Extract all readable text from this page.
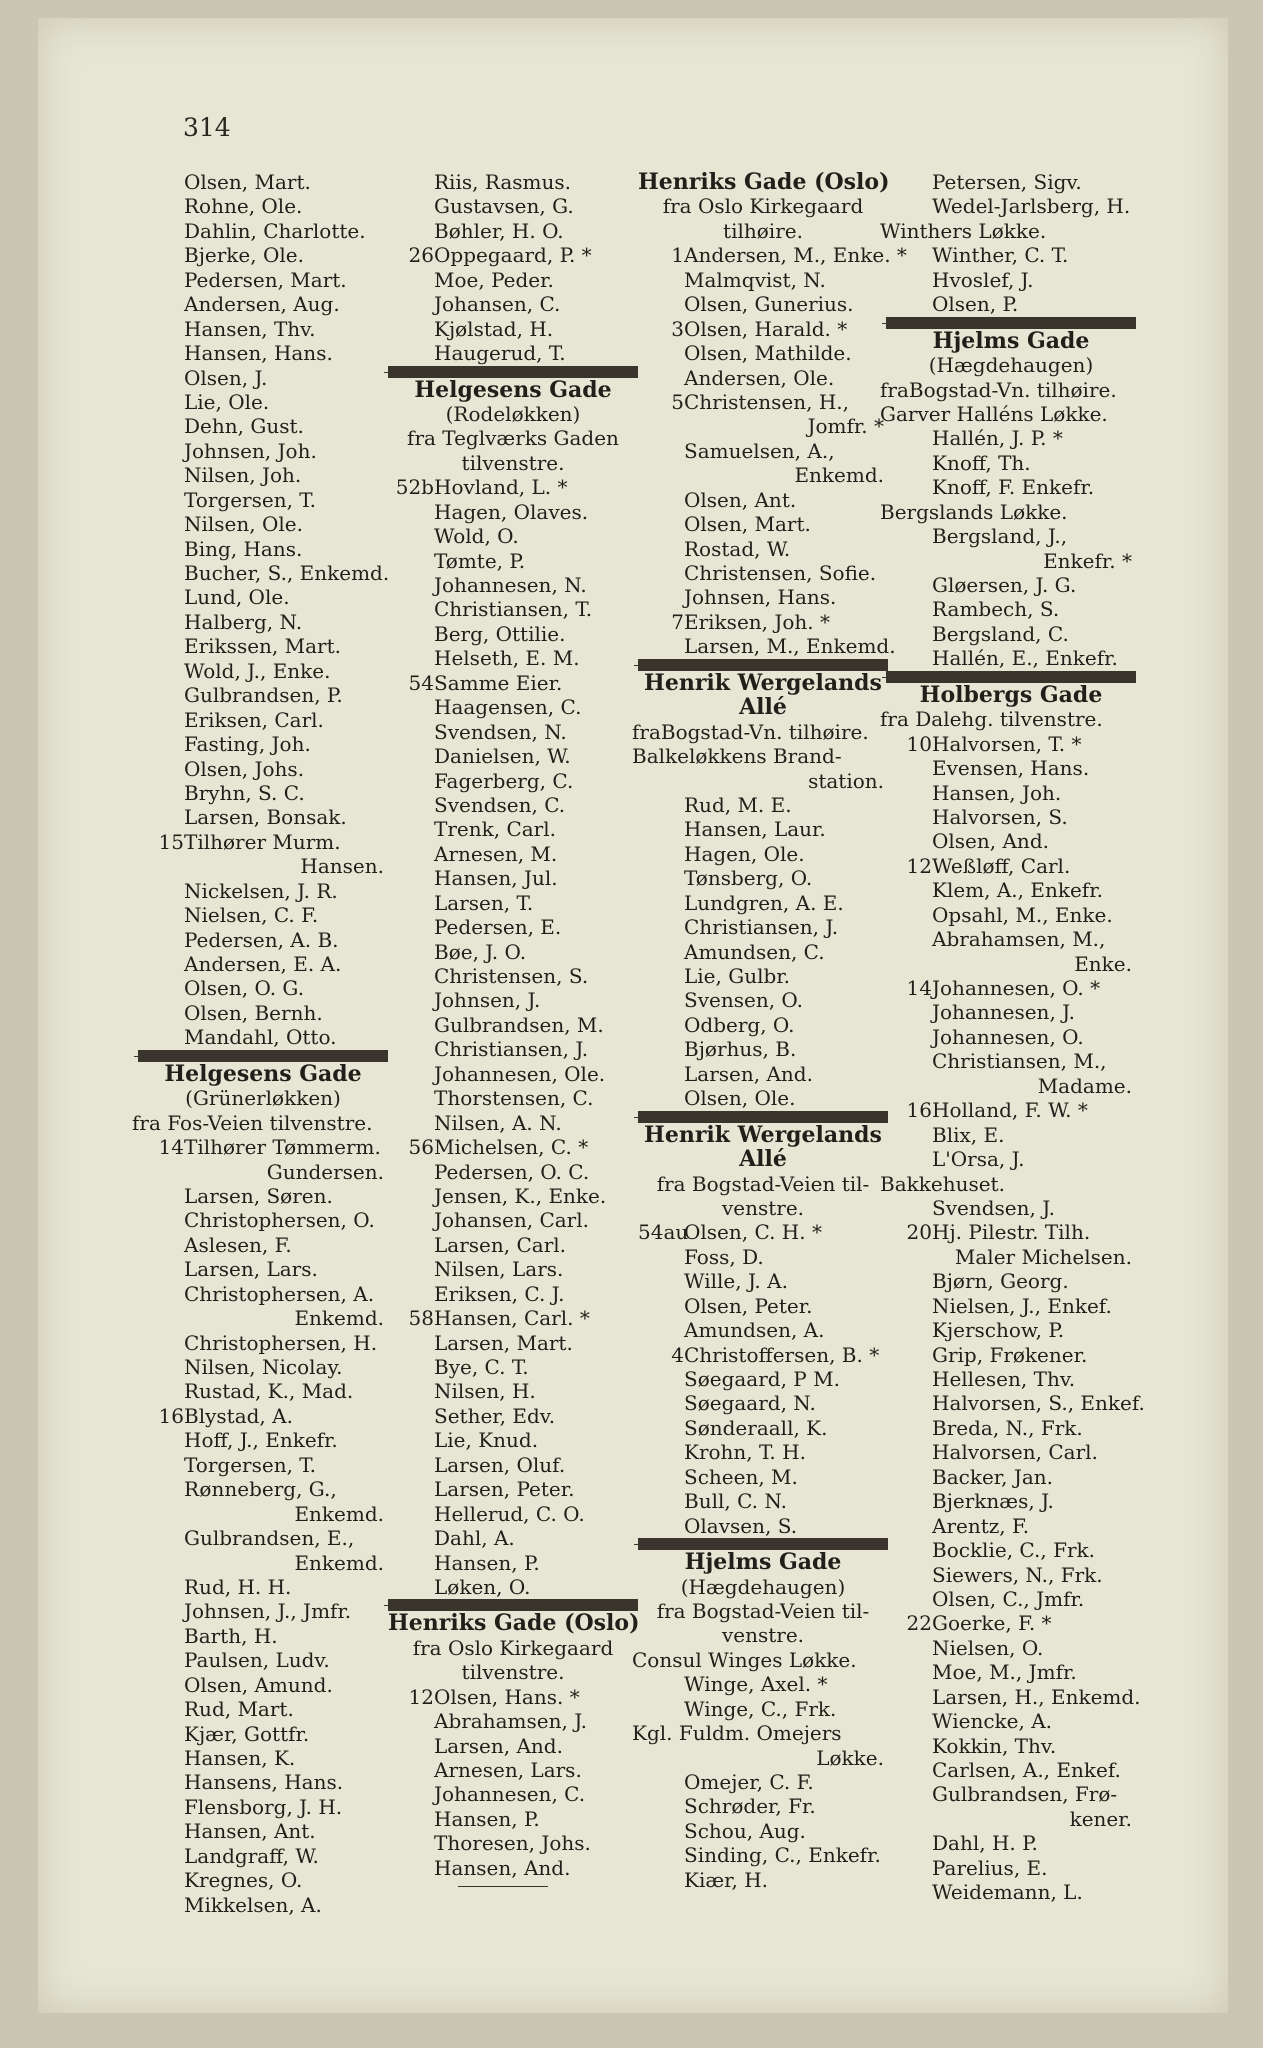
314
Olsen, Mart.
Rohne, Ole.
Dahlin, Charlotte.
Bjerke, Ole.
Pedersen, Mart.
Andersen, Aug.
Hansen, Thv.
Hansen, Hans.
Olsen, J.
Lie, Ole.
Dehn, Gust.
Johnsen, Joh.
Nilsen, Joh.
Torgersen, T.
Nilsen, Ole.
Bing, Hans.
Bucher, S., Enkemd.
Lund, Ole.
Halberg, N.
Erikssen, Mart.
Wold, J., Enke.
Gulbrandsen, P.
Eriksen, Carl.
Fasting, Joh.
Olsen, Johs.
Bryhn, S. C.
Larsen, Bonsak.
15 Tilhører Murm.
Hansen.
Nickelsen, J. R.
Nielsen, C. F.
Pedersen, A. B.
Andersen, E. A.
Olsen, O. G.
Olsen, Bernh.
Mandahl, Otto.
Helgesens Gade
(Grünerløkken)
fra Fos-Veien tilvenstre.
14 Tilhører Tømmerm.
Gundersen.
Larsen, Søren.
Christophersen, O.
Aslesen, F.
Larsen, Lars.
Christophersen, A.
Enkemd.
Christophersen, H.
Nilsen, Nicolay.
Rustad, K., Mad.
16 Blystad, A.
Hoff, J., Enkefr.
Torgersen, T.
Rønneberg, G.,
Enkemd.
Gulbrandsen, E.,
Enkemd.
Rud, H. H.
Johnsen, J., Jmfr.
Barth, H.
Paulsen, Ludv.
Olsen, Amund.
Rud, Mart.
Kjær, Gottfr.
Hansen, K.
Hansens, Hans.
Flensborg, J. H.
Hansen, Ant.
Landgraff, W.
Kregnes, O.
Mikkelsen, A.
Riis, Rasmus.
Gustavsen, G.
Bøhler, H. O.
26 Oppegaard, P. *
Moe, Peder.
Johansen, C.
Kjølstad, H.
Haugerud, T.
Helgesens Gade
(Rodeløkken)
fra Teglværks Gaden
tilvenstre.
52b Hovland, L. *
Hagen, Olaves.
Wold, O.
Tømte, P.
Johannesen, N.
Christiansen, T.
Berg, Ottilie.
Helseth, E. M.
54 Samme Eier.
Haagensen, C.
Svendsen, N.
Danielsen, W.
Fagerberg, C.
Svendsen, C.
Trenk, Carl.
Arnesen, M.
Hansen, Jul.
Larsen, T.
Pedersen, E.
Bøe, J. O.
Christensen, S.
Johnsen, J.
Gulbrandsen, M.
Christiansen, J.
Johannesen, Ole.
Thorstensen, C.
Nilsen, A. N.
56 Michelsen, C. *
Pedersen, O. C.
Jensen, K., Enke.
Johansen, Carl.
Larsen, Carl.
Nilsen, Lars.
Eriksen, C. J.
58 Hansen, Carl. *
Larsen, Mart.
Bye, C. T.
Nilsen, H.
Sether, Edv.
Lie, Knud.
Larsen, Oluf.
Larsen, Peter.
Hellerud, C. O.
Dahl, A.
Hansen, P.
Løken, O.
Henriks Gade (Oslo)
fra Oslo Kirkegaard
tilvenstre.
12 Olsen, Hans. *
Abrahamsen, J.
Larsen, And.
Arnesen, Lars.
Johannesen, C.
Hansen, P.
Thoresen, Johs.
Hansen, And.
Henriks Gade (Oslo)
fra Oslo Kirkegaard
tilhøire.
1 Andersen, M., Enke. *
Malmqvist, N.
Olsen, Gunerius.
3 Olsen, Harald. *
Olsen, Mathilde.
Andersen, Ole.
5 Christensen, H.,
Jomfr. *
Samuelsen, A.,
Enkemd.
Olsen, Ant.
Olsen, Mart.
Rostad, W.
Christensen, Sofie.
Johnsen, Hans.
7 Eriksen, Joh. *
Larsen, M., Enkemd.
Henrik Wergelands
Allé
fraBogstad-Vn. tilhøire.
Balkeløkkens Brand-
station.
Rud, M. E.
Hansen, Laur.
Hagen, Ole.
Tønsberg, O.
Lundgren, A. E.
Christiansen, J.
Amundsen, C.
Lie, Gulbr.
Svensen, O.
Odberg, O.
Bjørhus, B.
Larsen, And.
Olsen, Ole.
Henrik Wergelands
Allé
fra Bogstad-Veien til-
venstre.
54au
Olsen, C. H. *
Foss, D.
Wille, J. A.
Olsen, Peter.
Amundsen, A.
4 Christoffersen, B. *
Søegaard, P M.
Søegaard, N.
Sønderaall, K.
Krohn, T. H.
Scheen, M.
Bull, C. N.
Olavsen, S.
Hjelms Gade
(Hægdehaugen)
fra Bogstad-Veien til-
venstre.
Consul Winges Løkke.
Winge, Axel. *
Winge, C., Frk.
Kgl. Fuldm. Omejers
Løkke.
Omejer, C. F.
Schrøder, Fr.
Schou, Aug.
Sinding, C., Enkefr.
Kiær, H.
Petersen, Sigv.
Wedel-Jarlsberg, H.
Winthers Løkke.
Winther, C. T.
Hvoslef, J.
Olsen, P.
Hjelms Gade
(Hægdehaugen)
fraBogstad-Vn. tilhøire.
Garver Halléns Løkke.
Hallén, J. P. *
Knoff, Th.
Knoff, F. Enkefr.
Bergslands Løkke.
Bergsland, J.,
Enkefr. *
Gløersen, J. G.
Rambech, S.
Bergsland, C.
Hallén, E., Enkefr.
Holbergs Gade
fra Dalehg. tilvenstre.
10 Halvorsen, T. *
Evensen, Hans.
Hansen, Joh.
Halvorsen, S.
Olsen, And.
12 Weßløff, Carl.
Klem, A., Enkefr.
Opsahl, M., Enke.
Abrahamsen, M.,
Enke.
14 Johannesen, O. *
Johannesen, J.
Johannesen, O.
Christiansen, M.,
Madame.
16 Holland, F. W. *
Blix, E.
L'Orsa, J.
Bakkehuset.
Svendsen, J.
20 Hj. Pilestr. Tilh.
Maler Michelsen.
Bjørn, Georg.
Nielsen, J., Enkef.
Kjerschow, P.
Grip, Frøkener.
Hellesen, Thv.
Halvorsen, S., Enkef.
Breda, N., Frk.
Halvorsen, Carl.
Backer, Jan.
Bjerknæs, J.
Arentz, F.
Bocklie, C., Frk.
Siewers, N., Frk.
Olsen, C., Jmfr.
22 Goerke, F. *
Nielsen, O.
Moe, M., Jmfr.
Larsen, H., Enkemd.
Wiencke, A.
Kokkin, Thv.
Carlsen, A., Enkef.
Gulbrandsen, Frø-
kener.
Dahl, H. P.
Parelius, E.
Weidemann, L.
